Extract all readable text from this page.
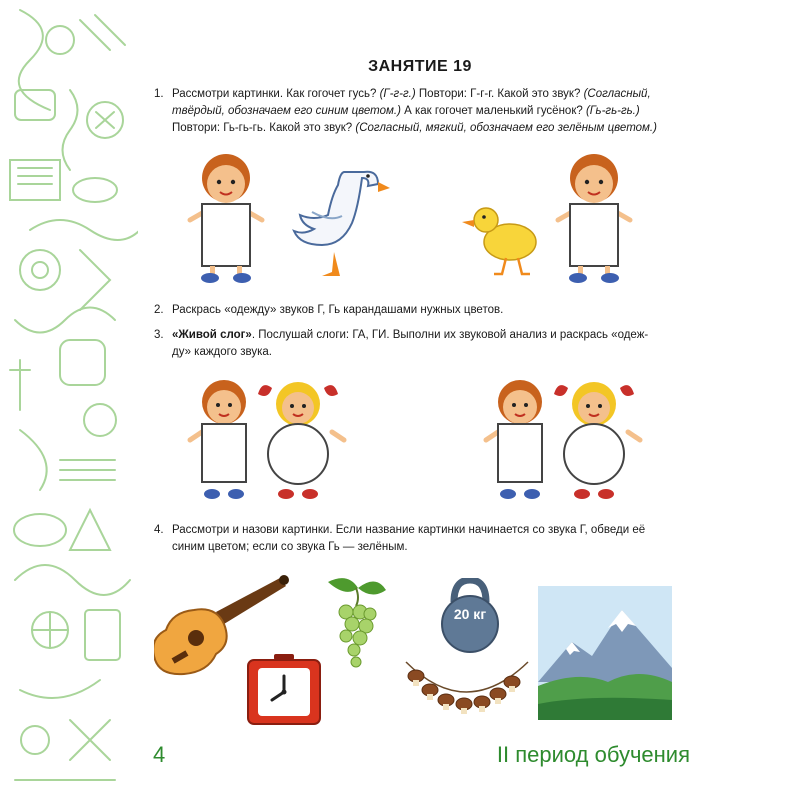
ЗАНЯТИЕ 19
1. Рассмотри картинки. Как гогочет гусь? (Г-г-г.) Повтори: Г-г-г. Какой это звук? (Согласный,
твёрдый, обозначаем его синим цветом.) А как гогочет маленький гусёнок? (Гь-гь-гь.)
Повтори: Гь-гь-гь. Какой это звук? (Согласный, мягкий, обозначаем его зелёным цветом.)
2. Раскрась «одежду» звуков Г, Гь карандашами нужных цветов.
3. «Живой слог». Послушай слоги: ГА, ГИ. Выполни их звуковой анализ и раскрась «одеж-
ду» каждого звука.
4. Рассмотри и назови картинки. Если название картинки начинается со звука Г, обведи её
синим цветом; если со звука Гь — зелёным.
20 кг
4	II период обучения
